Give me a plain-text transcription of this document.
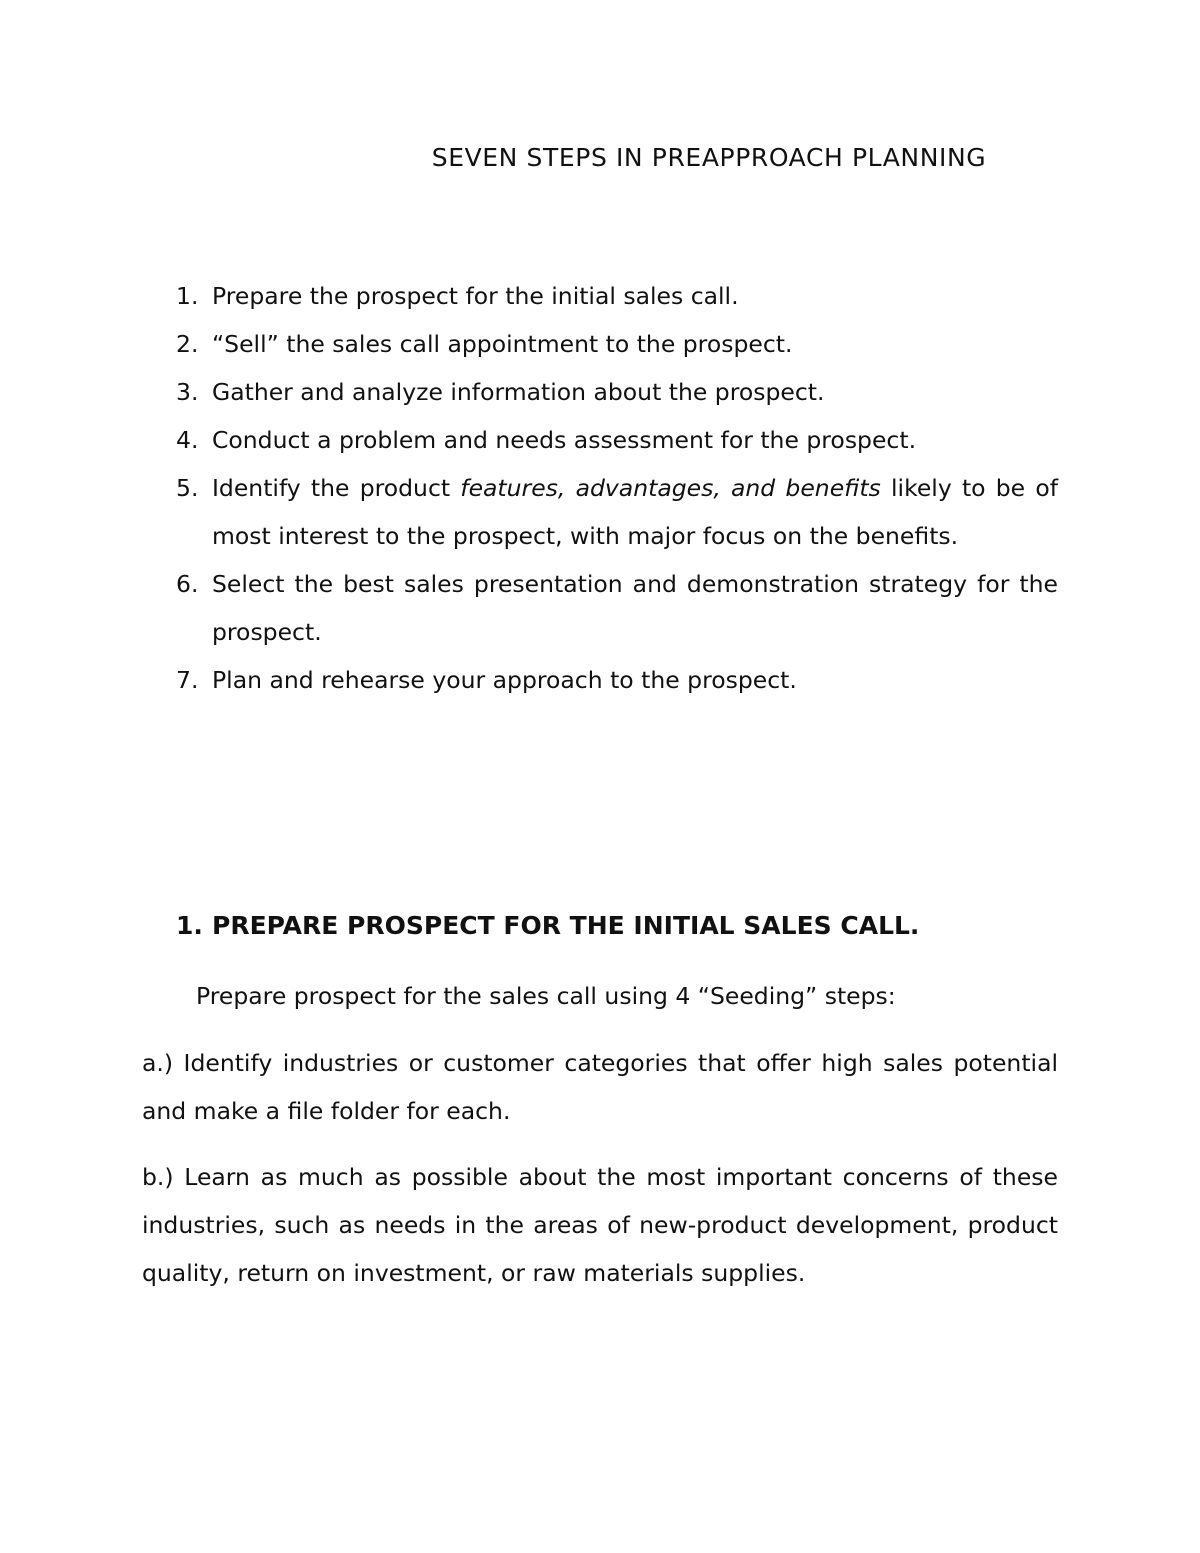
SEVEN STEPS IN PREAPPROACH PLANNING
1. Prepare the prospect for the initial sales call.
2. “Sell” the sales call appointment to the prospect.
3. Gather and analyze information about the prospect.
4. Conduct a problem and needs assessment for the prospect.
5. Identify the product features, advantages, and benefits likely to be of most interest to the prospect, with major focus on the benefits.
6. Select the best sales presentation and demonstration strategy for the prospect.
7. Plan and rehearse your approach to the prospect.
1. PREPARE PROSPECT FOR THE INITIAL SALES CALL.

Prepare prospect for the sales call using 4 “Seeding” steps:

a.) Identify industries or customer categories that offer high sales potential and make a file folder for each.

b.) Learn as much as possible about the most important concerns of these industries, such as needs in the areas of new-product development, product quality, return on investment, or raw materials supplies.
